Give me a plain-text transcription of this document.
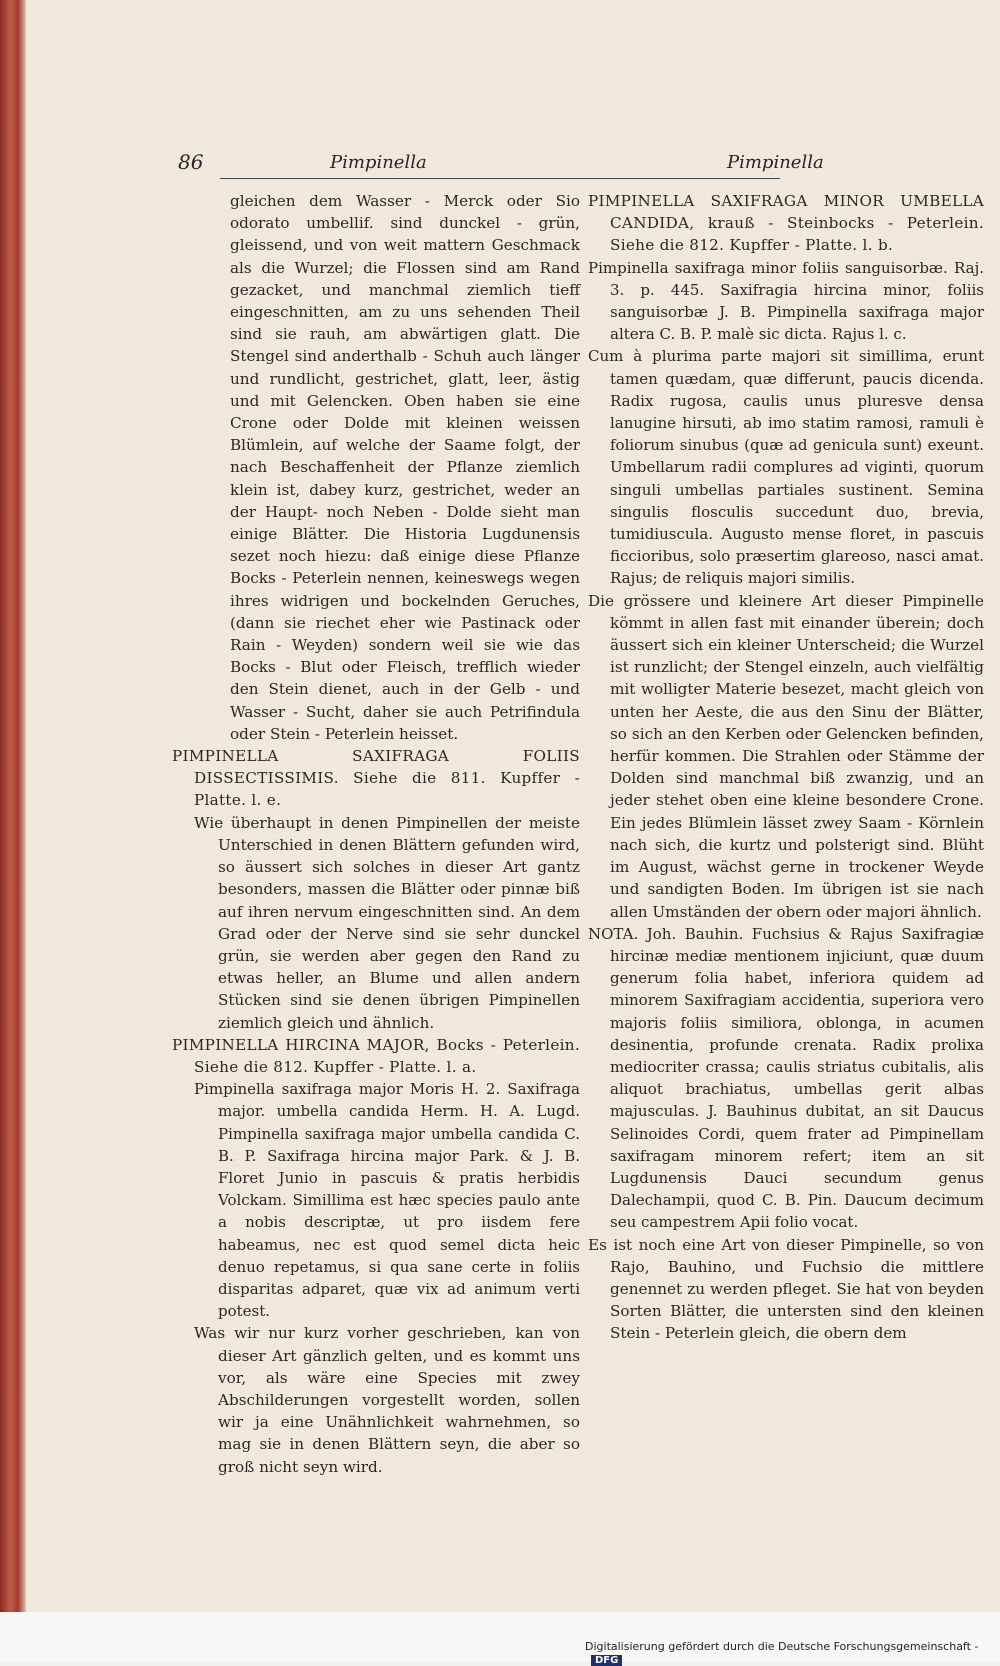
86	Pimpinella	Pimpinella

gleichen dem Wasser - Merck oder Sio odorato umbellif. sind dunckel - grün, gleissend, und von weit mattern Geschmack als die Wurzel; die Flossen sind am Rand gezacket, und manchmal ziemlich tieff eingeschnitten, am zu uns sehenden Theil sind sie rauh, am abwärtigen glatt. Die Stengel sind anderthalb - Schuh auch länger und rundlicht, gestrichet, glatt, leer, ästig und mit Gelencken. Oben haben sie eine Crone oder Dolde mit kleinen weissen Blümlein, auf welche der Saame folgt, der nach Beschaffenheit der Pflanze ziemlich klein ist, dabey kurz, gestrichet, weder an der Haupt- noch Neben - Dolde sieht man einige Blätter. Die Historia Lugdunensis sezet noch hiezu: daß einige diese Pflanze Bocks - Peterlein nennen, keineswegs wegen ihres widrigen und bockelnden Geruches, (dann sie riechet eher wie Pastinack oder Rain - Weyden) sondern weil sie wie das Bocks - Blut oder Fleisch, trefflich wieder den Stein dienet, auch in der Gelb - und Wasser - Sucht, daher sie auch Petrifindula oder Stein - Peterlein heisset.

PIMPINELLA SAXIFRAGA FOLIIS DISSECTISSIMIS. Siehe die 811. Kupffer - Platte. l. e.

Wie überhaupt in denen Pimpinellen der meiste Unterschied in denen Blättern gefunden wird, so äussert sich solches in dieser Art gantz besonders, massen die Blätter oder pinnæ biß auf ihren nervum eingeschnitten sind. An dem Grad oder der Nerve sind sie sehr dunckel grün, sie werden aber gegen den Rand zu etwas heller, an Blume und allen andern Stücken sind sie denen übrigen Pimpinellen ziemlich gleich und ähnlich.

PIMPINELLA HIRCINA MAJOR, Bocks - Peterlein. Siehe die 812. Kupffer - Platte. l. a.

Pimpinella saxifraga major Moris H. 2. Saxifraga major. umbella candida Herm. H. A. Lugd. Pimpinella saxifraga major umbella candida C. B. P. Saxifraga hircina major Park. & J. B. Floret Junio in pascuis & pratis herbidis Volckam. Simillima est hæc species paulo ante a nobis descriptæ, ut pro iisdem fere habeamus, nec est quod semel dicta heic denuo repetamus, si qua sane certe in foliis disparitas adparet, quæ vix ad animum verti potest.

Was wir nur kurz vorher geschrieben, kan von dieser Art gänzlich gelten, und es kommt uns vor, als wäre eine Species mit zwey Abschilderungen vorgestellt worden, sollen wir ja eine Unähnlichkeit wahrnehmen, so mag sie in denen Blättern seyn, die aber so groß nicht seyn wird.

PIMPINELLA SAXIFRAGA MINOR UMBELLA CANDIDA, krauß - Steinbocks - Peterlein. Siehe die 812. Kupffer - Platte. l. b.

Pimpinella saxifraga minor foliis sanguisorbæ. Raj. 3. p. 445. Saxifragia hircina minor, foliis sanguisorbæ J. B. Pimpinella saxifraga major altera C. B. P. malè sic dicta. Rajus l. c.

Cum à plurima parte majori sit simillima, erunt tamen quædam, quæ differunt, paucis dicenda. Radix rugosa, caulis unus pluresve densa lanugine hirsuti, ab imo statim ramosi, ramuli è foliorum sinubus (quæ ad genicula sunt) exeunt. Umbellarum radii complures ad viginti, quorum singuli umbellas partiales sustinent. Semina singulis flosculis succedunt duo, brevia, tumidiuscula. Augusto mense floret, in pascuis ficcioribus, solo præsertim glareoso, nasci amat. Rajus; de reliquis majori similis.

Die grössere und kleinere Art dieser Pimpinelle kömmt in allen fast mit einander überein; doch äussert sich ein kleiner Unterscheid; die Wurzel ist runzlicht; der Stengel einzeln, auch vielfältig mit wolligter Materie besezet, macht gleich von unten her Aeste, die aus den Sinu der Blätter, so sich an den Kerben oder Gelencken befinden, herfür kommen. Die Strahlen oder Stämme der Dolden sind manchmal biß zwanzig, und an jeder stehet oben eine kleine besondere Crone. Ein jedes Blümlein lässet zwey Saam - Körnlein nach sich, die kurtz und polsterigt sind. Blüht im August, wächst gerne in trockener Weyde und sandigten Boden. Im übrigen ist sie nach allen Umständen der obern oder majori ähnlich.

NOTA. Joh. Bauhin. Fuchsius & Rajus Saxifragiæ hircinæ mediæ mentionem injiciunt, quæ duum generum folia habet, inferiora quidem ad minorem Saxifragiam accidentia, superiora vero majoris foliis similiora, oblonga, in acumen desinentia, profunde crenata. Radix prolixa mediocriter crassa; caulis striatus cubitalis, alis aliquot brachiatus, umbellas gerit albas majusculas. J. Bauhinus dubitat, an sit Daucus Selinoides Cordi, quem frater ad Pimpinellam saxifragam minorem refert; item an sit Lugdunensis Dauci secundum genus Dalechampii, quod C. B. Pin. Daucum decimum seu campestrem Apii folio vocat.

Es ist noch eine Art von dieser Pimpinelle, so von Rajo, Bauhino, und Fuchsio die mittlere genennet zu werden pfleget. Sie hat von beyden Sorten Blätter, die untersten sind den kleinen Stein - Peterlein gleich, die obern dem

Digitalisierung gefördert durch die Deutsche Forschungsgemeinschaft -DFG
